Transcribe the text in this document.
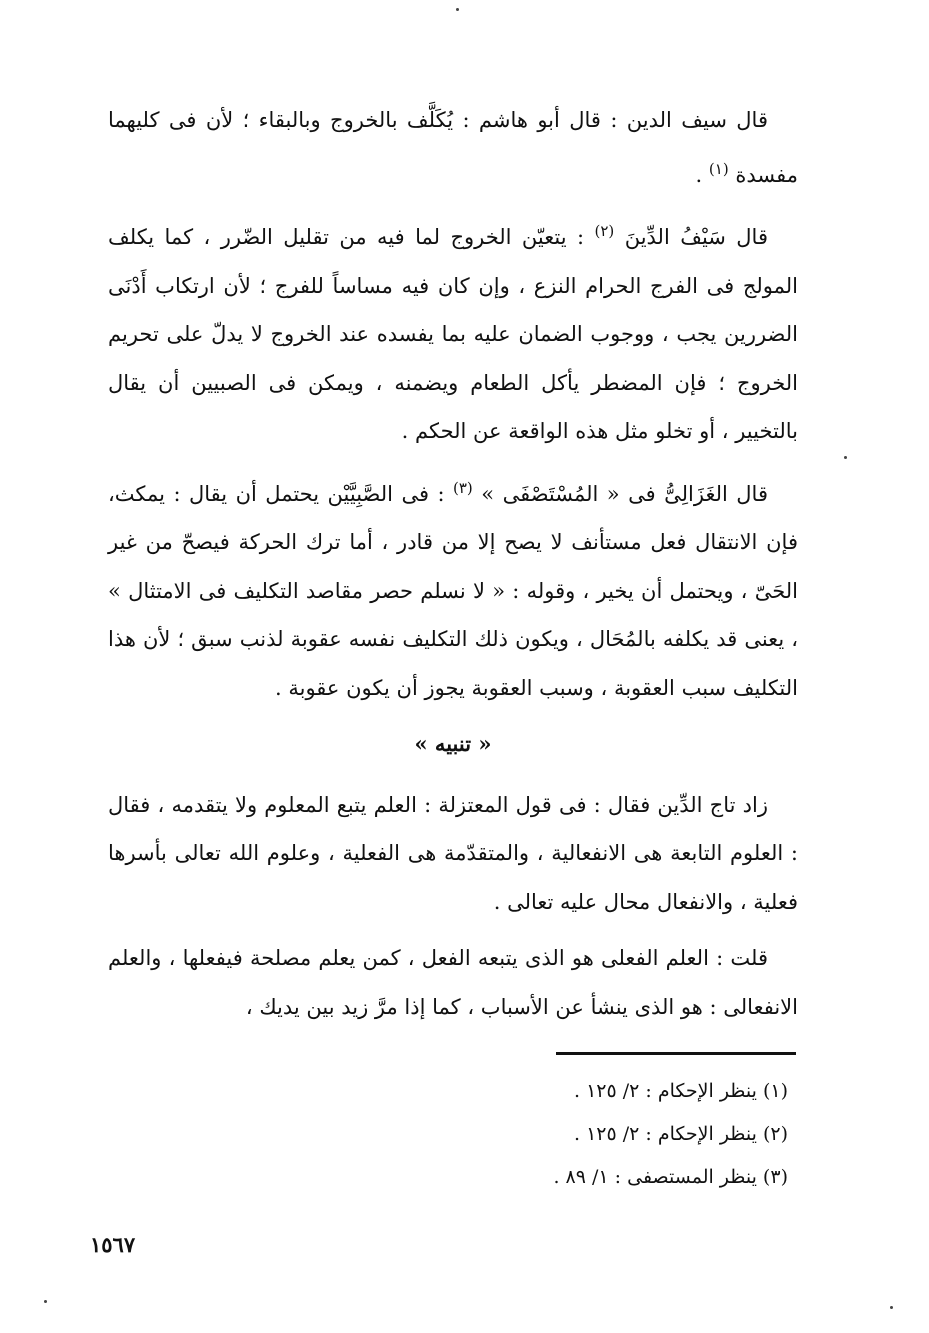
قال سيف الدين : قال أبو هاشم : يُكَلَّف بالخروج وبالبقاء ؛ لأن فى كليهما مفسدة $^{(١)}$ .

قال سَيْفُ الدِّينَ $^{(٢)}$ : يتعيّن الخروج لما فيه من تقليل الضّرر ، كما يكلف المولج فى الفرج الحرام النزع ، وإن كان فيه مساساً للفرج ؛ لأن ارتكاب أَدْنَى الضررين يجب ، ووجوب الضمان عليه بما يفسده عند الخروج لا يدلّ على تحريم الخروج ؛ فإن المضطر يأكل الطعام ويضمنه ، ويمكن فى الصبيين أن يقال بالتخيير ، أو تخلو مثل هذه الواقعة عن الحكم .

قال الغَزَالِىُّ فى « المُسْتَصْفَى » $^{(٣)}$ : فى الصَّبِيَّيْن يحتمل أن يقال : يمكث، فإن الانتقال فعل مستأنف لا يصح إلا من قادر ، أما ترك الحركة فيصحّ من غير الحَىّ ، ويحتمل أن يخير ، وقوله : « لا نسلم حصر مقاصد التكليف فى الامتثال » ، يعنى قد يكلفه بالمُحَال ، ويكون ذلك التكليف نفسه عقوبة لذنب سبق ؛ لأن هذا التكليف سبب العقوبة ، وسبب العقوبة يجوز أن يكون عقوبة .

« تنبيه »

زاد تاج الدِّين فقال : فى قول المعتزلة : العلم يتبع المعلوم ولا يتقدمه ، فقال : العلوم التابعة هى الانفعالية ، والمتقدّمة هى الفعلية ، وعلوم الله تعالى بأسرها فعلية ، والانفعال محال عليه تعالى .

قلت : العلم الفعلى هو الذى يتبعه الفعل ، كمن يعلم مصلحة فيفعلها ، والعلم الانفعالى : هو الذى ينشأ عن الأسباب ، كما إذا مرَّ زيد بين يديك ،

(١) ينظر الإحكام : ٢/ ١٢٥ .

(٢) ينظر الإحكام : ٢/ ١٢٥ .

(٣) ينظر المستصفى : ١/ ٨٩ .

١٥٦٧
